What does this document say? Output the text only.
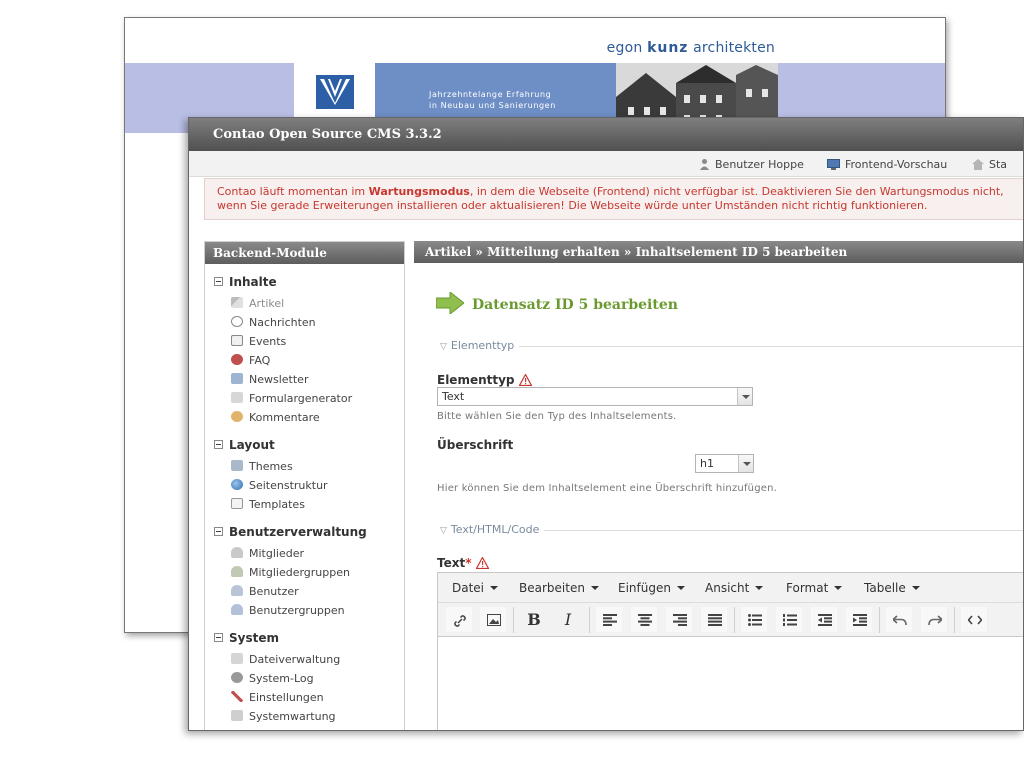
egon kunz architekten
Jahrzehntelange Erfahrung
in Neubau und Sanierungen
Contao Open Source CMS 3.3.2
Benutzer Hoppe	Frontend-Vorschau	Sta
Contao läuft momentan im Wartungsmodus, in dem die Webseite (Frontend) nicht verfügbar ist. Deaktivieren Sie den Wartungsmodus nicht, wenn Sie gerade Erweiterungen installieren oder aktualisieren! Die Webseite würde unter Umständen nicht richtig funktionieren.
Backend-Module
Inhalte
Artikel
Nachrichten
Events
FAQ
Newsletter
Formulargenerator
Kommentare
Layout
Themes
Seitenstruktur
Templates
Benutzerverwaltung
Mitglieder
Mitgliedergruppen
Benutzer
Benutzergruppen
System
Dateiverwaltung
System-Log
Einstellungen
Systemwartung
Artikel » Mitteilung erhalten » Inhaltselement ID 5 bearbeiten
Datensatz ID 5 bearbeiten
▽ Elementtyp
Elementtyp
Text
Bitte wählen Sie den Typ des Inhaltselements.
Überschrift
h1
Hier können Sie dem Inhaltselement eine Überschrift hinzufügen.
▽ Text/HTML/Code
Text*
Datei	Bearbeiten	Einfügen	Ansicht	Format	Tabelle
B	I
